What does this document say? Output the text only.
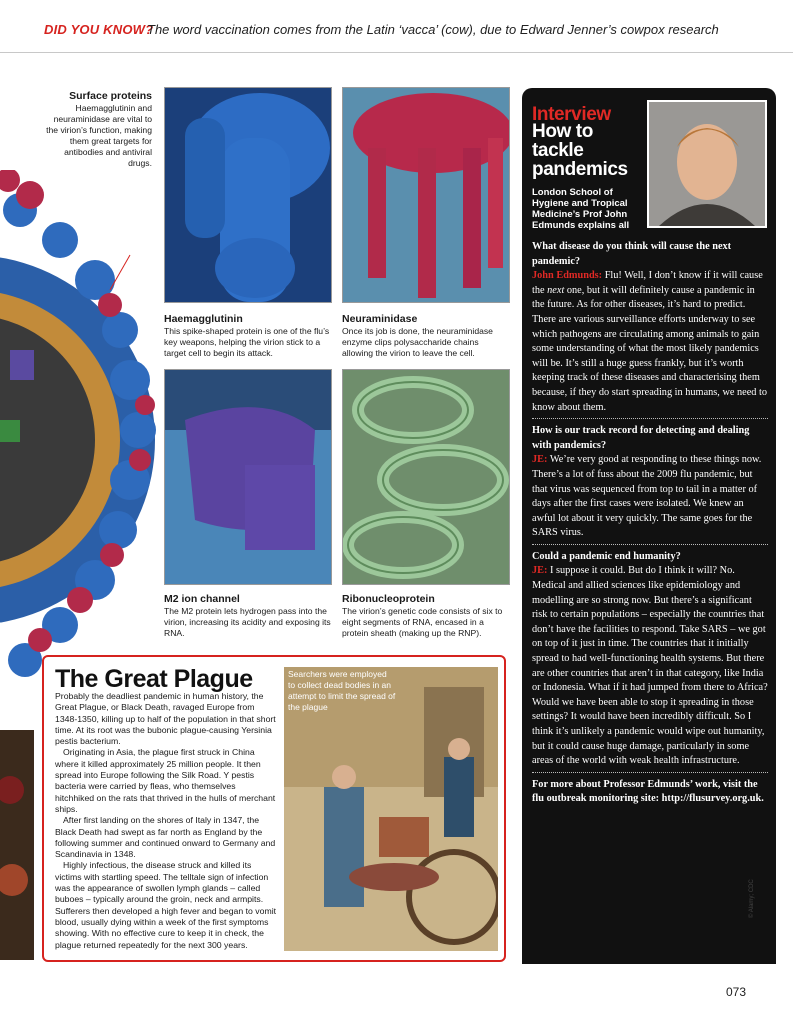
DID YOU KNOW?
The word vaccination comes from the Latin ‘vacca’ (cow), due to Edward Jenner’s cowpox research
Surface proteins
Haemagglutinin and neuraminidase are vital to the virion’s function, making them great targets for antibodies and antiviral drugs.
Haemagglutinin
This spike-shaped protein is one of the flu’s key weapons, helping the virion stick to a target cell to begin its attack.
Neuraminidase
Once its job is done, the neuraminidase enzyme clips polysaccharide chains allowing the virion to leave the cell.
M2 ion channel
The M2 protein lets hydrogen pass into the virion, increasing its acidity and exposing its RNA.
Ribonucleoprotein
The virion’s genetic code consists of six to eight segments of RNA, encased in a protein sheath (making up the RNP).
The Great Plague

Probably the deadliest pandemic in human history, the Great Plague, or Black Death, ravaged Europe from 1348-1350, killing up to half of the population in that short time. At its root was the bubonic plague-causing Yersinia pestis bacterium.

Originating in Asia, the plague first struck in China where it killed approximately 25 million people. It then spread into Europe following the Silk Road. Y pestis bacteria were carried by fleas, who themselves hitchhiked on the rats that thrived in the hulls of merchant ships.

After first landing on the shores of Italy in 1347, the Black Death had swept as far north as England by the following summer and continued onward to Germany and Scandinavia in 1348.

Highly infectious, the disease struck and killed its victims with startling speed. The telltale sign of infection was the appearance of swollen lymph glands – called buboes – typically around the groin, neck and armpits. Sufferers then developed a high fever and began to vomit blood, usually dying within a week of the first symptoms showing. With no effective cure to keep it in check, the plague returned repeatedly for the next 300 years.

Searchers were employed to collect dead bodies in an attempt to limit the spread of the plague
Interview
How to tackle pandemics
London School of Hygiene and Tropical Medicine’s Prof John Edmunds explains all
What disease do you think will cause the next pandemic?

John Edmunds: Flu! Well, I don’t know if it will cause the next one, but it will definitely cause a pandemic in the future. As for other diseases, it’s hard to predict. There are various surveillance efforts underway to see which pathogens are circulating among animals to gain some understanding of what the most likely pandemics will be. It’s still a huge guess frankly, but it’s worth keeping track of these diseases and characterising them because, if they do start spreading in humans, we need to know about them.

How is our track record for detecting and dealing with pandemics?

JE: We’re very good at responding to these things now. There’s a lot of fuss about the 2009 flu pandemic, but that virus was sequenced from top to tail in a matter of days after the first cases were isolated. We knew an awful lot about it very quickly. The same goes for the SARS virus.

Could a pandemic end humanity?

JE: I suppose it could. But do I think it will? No. Medical and allied sciences like epidemiology and modelling are so strong now. But there’s a significant risk to certain populations – especially the countries that don’t have the facilities to respond. Take SARS – we got on top of it just in time. The countries that it initially spread to had well-functioning health systems. But there are other countries that aren’t in that category, like India or Indonesia. What if it had jumped from there to Africa? Would we have been able to stop it spreading in those settings? It would have been incredibly difficult. So I think it’s unlikely a pandemic would wipe out humanity, but it could cause huge damage, particularly in some areas of the world with weak health infrastructure.

For more about Professor Edmunds’ work, visit the flu outbreak monitoring site: http://flusurvey.org.uk.
© Alamy; CDC
073
